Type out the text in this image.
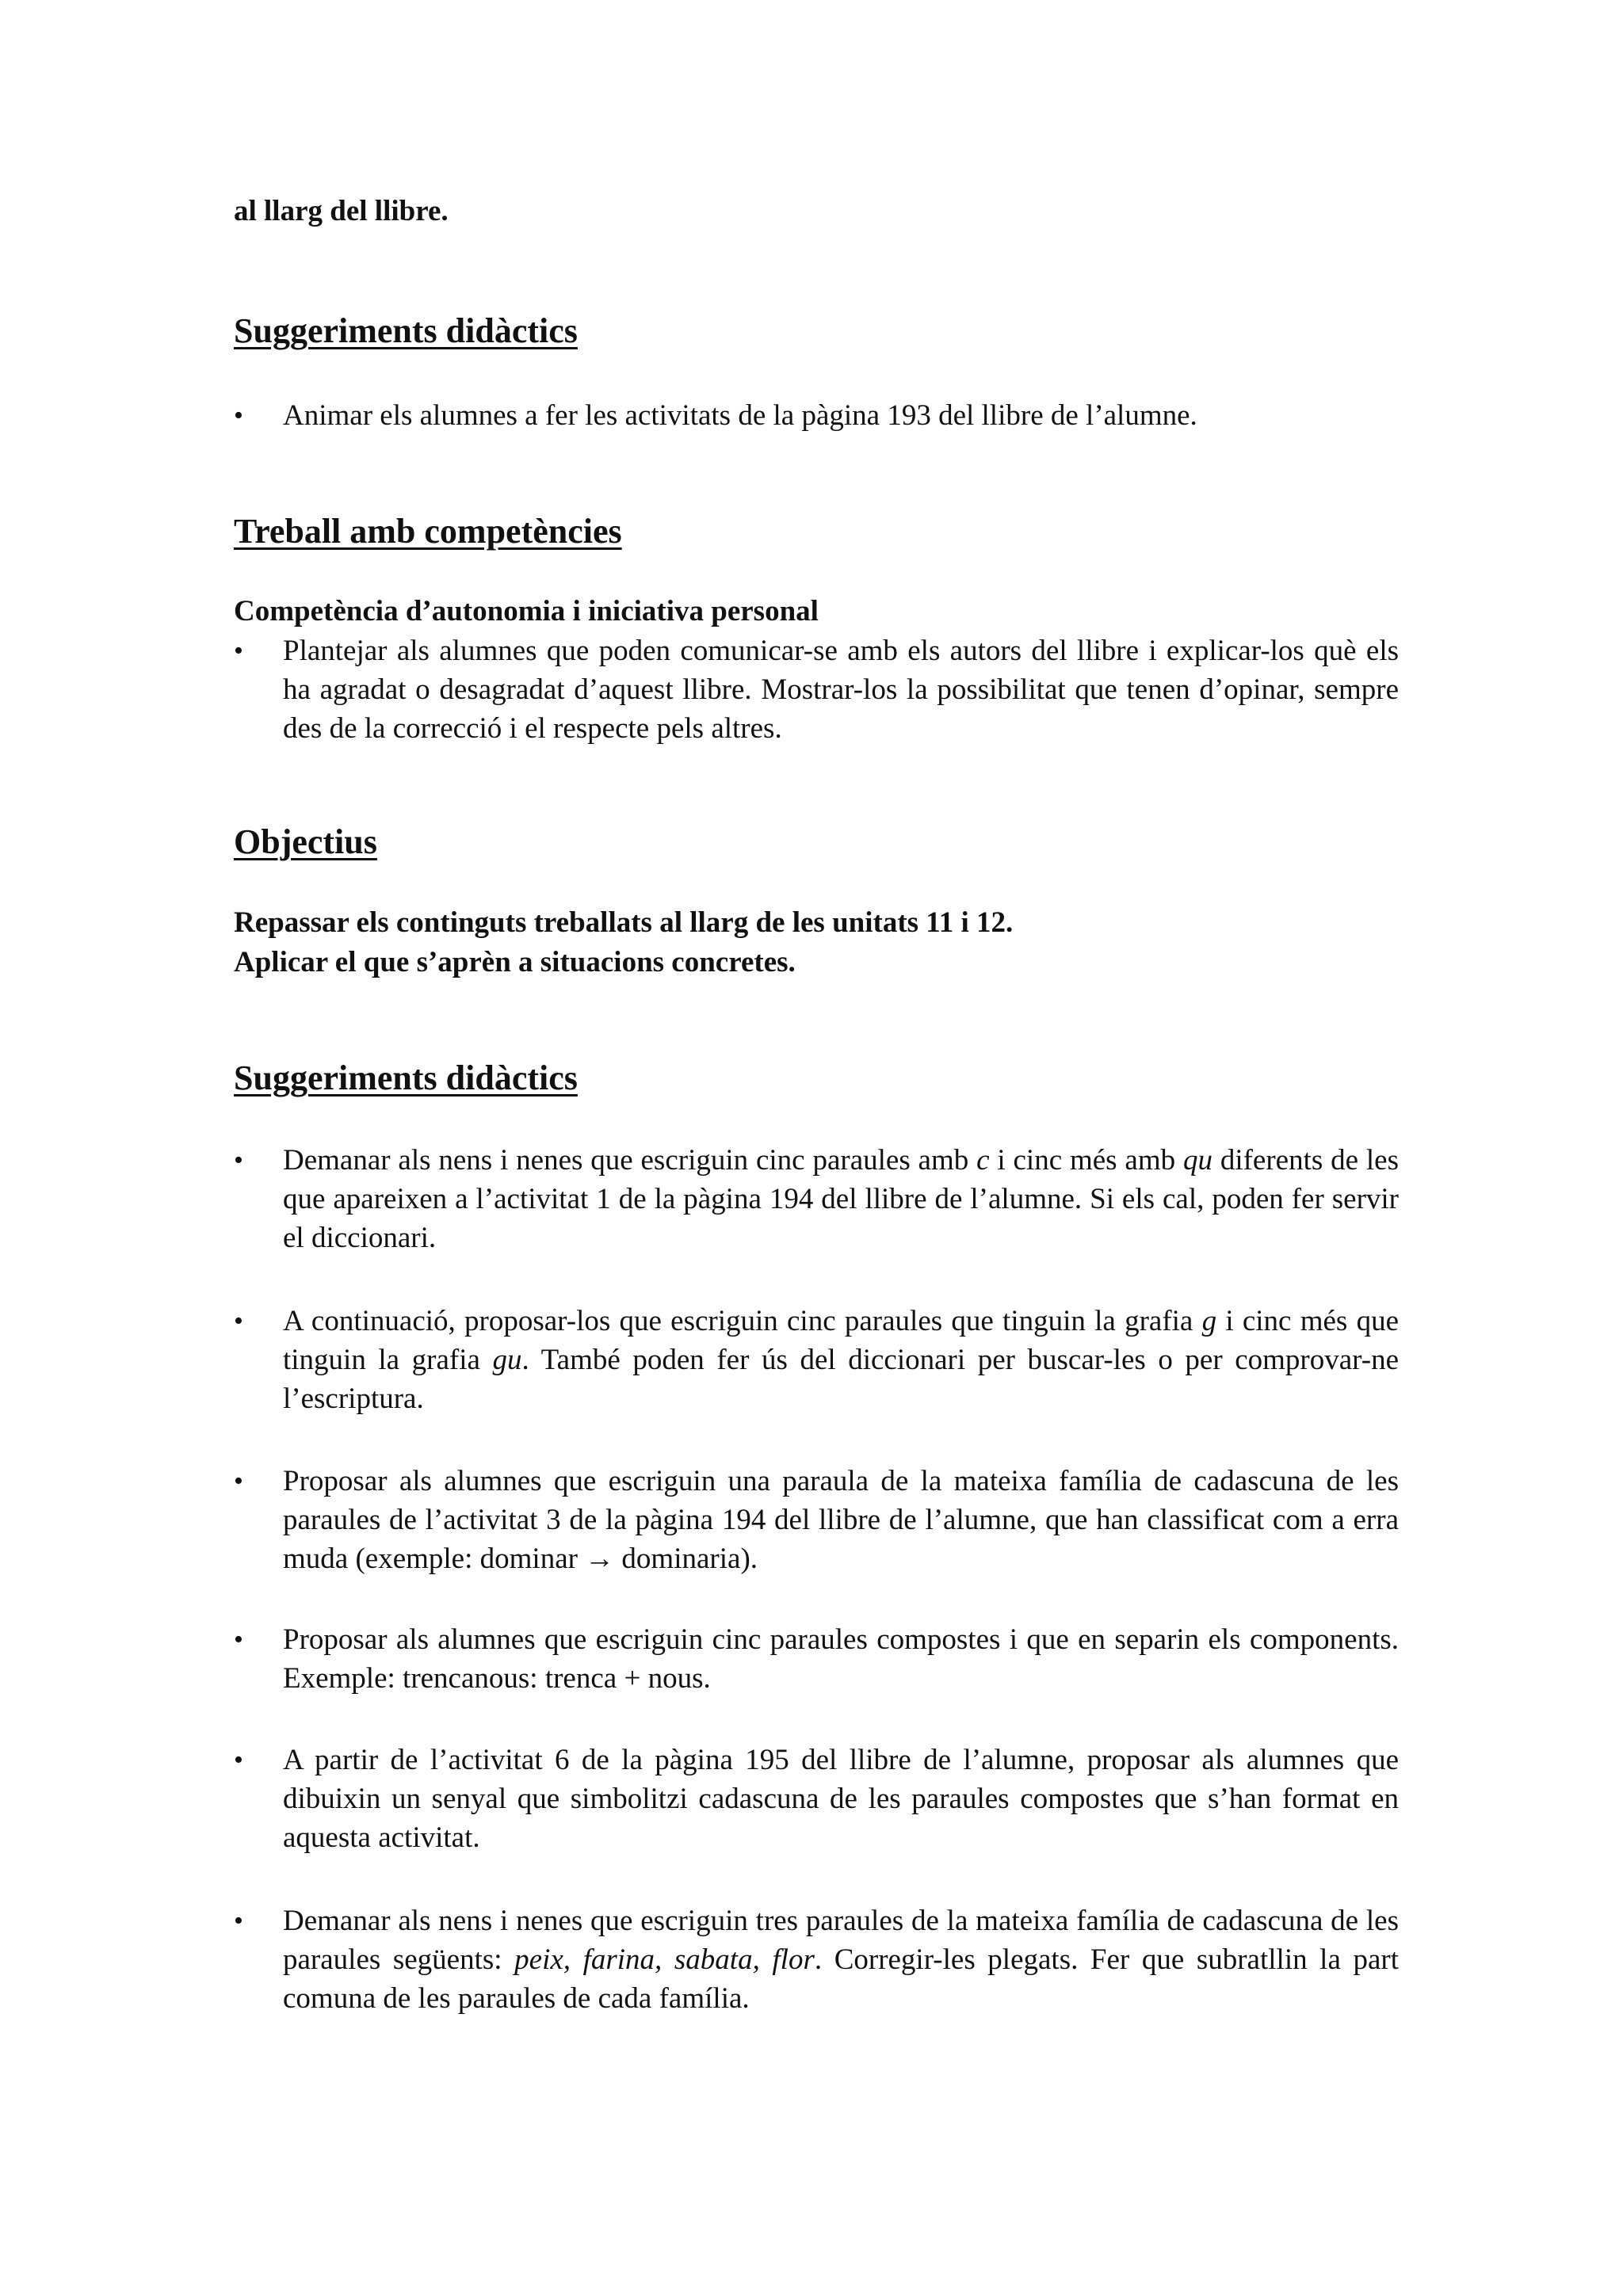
al llarg del llibre.

Suggeriments didàctics
•	Animar els alumnes a fer les activitats de la pàgina 193 del llibre de l’alumne.
Treball amb competències

Competència d’autonomia i iniciativa personal

•	Plantejar als alumnes que poden comunicar-se amb els autors del llibre i explicar-los què els ha agradat o desagradat d’aquest llibre. Mostrar-los la possibilitat que tenen d’opinar, sempre des de la correcció i el respecte pels altres.
Objectius

Repassar els continguts treballats al llarg de les unitats 11 i 12.

Aplicar el que s’aprèn a situacions concretes.

Suggeriments didàctics
•	Demanar als nens i nenes que escriguin cinc paraules amb c i cinc més amb qu diferents de les que apareixen a l’activitat 1 de la pàgina 194 del llibre de l’alumne. Si els cal, poden fer servir el diccionari.
•	A continuació, proposar-los que escriguin cinc paraules que tinguin la grafia g i cinc més que tinguin la grafia gu. També poden fer ús del diccionari per buscar-les o per comprovar-ne l’escriptura.
•	Proposar als alumnes que escriguin una paraula de la mateixa família de cadascuna de les paraules de l’activitat 3 de la pàgina 194 del llibre de l’alumne, que han classificat com a erra muda (exemple: dominar → dominaria).
•	Proposar als alumnes que escriguin cinc paraules compostes i que en separin els components. Exemple: trencanous: trenca + nous.
•	A partir de l’activitat 6 de la pàgina 195 del llibre de l’alumne, proposar als alumnes que dibuixin un senyal que simbolitzi cadascuna de les paraules compostes que s’han format en aquesta activitat.
•	Demanar als nens i nenes que escriguin tres paraules de la mateixa família de cadascuna de les paraules següents: peix, farina, sabata, flor. Corregir-les plegats. Fer que subratllin la part comuna de les paraules de cada família.
